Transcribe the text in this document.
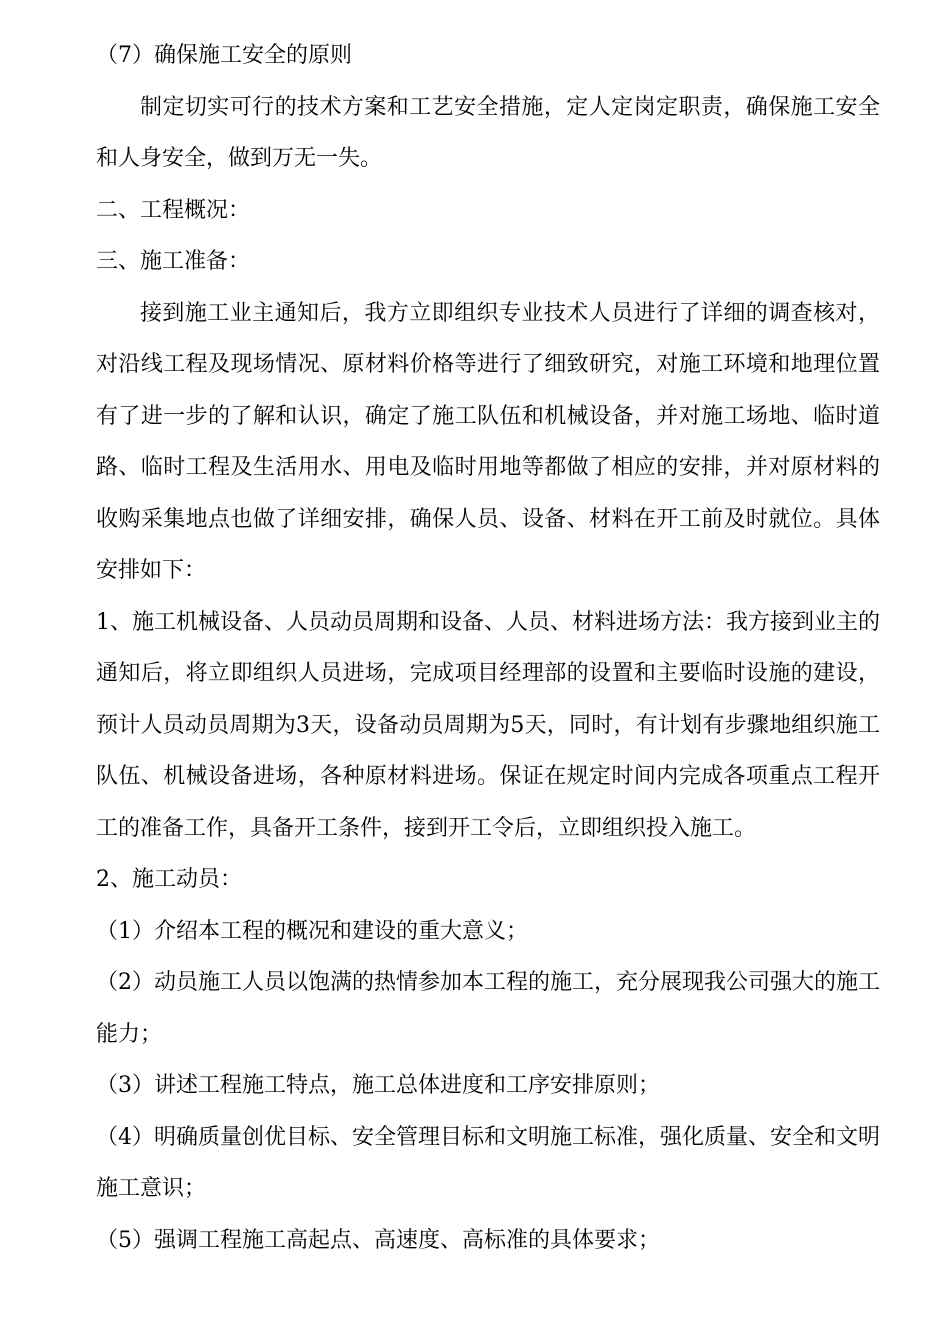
（7）确保施工安全的原则

制定切实可行的技术方案和工艺安全措施，定人定岗定职责，确保施工安全和人身安全，做到万无一失。

二、工程概况：

三、施工准备：

接到施工业主通知后，我方立即组织专业技术人员进行了详细的调查核对，对沿线工程及现场情况、原材料价格等进行了细致研究，对施工环境和地理位置有了进一步的了解和认识，确定了施工队伍和机械设备，并对施工场地、临时道路、临时工程及生活用水、用电及临时用地等都做了相应的安排，并对原材料的收购采集地点也做了详细安排，确保人员、设备、材料在开工前及时就位。具体安排如下：

1、施工机械设备、人员动员周期和设备、人员、材料进场方法：我方接到业主的通知后，将立即组织人员进场，完成项目经理部的设置和主要临时设施的建设，预计人员动员周期为3天，设备动员周期为5天，同时，有计划有步骤地组织施工队伍、机械设备进场，各种原材料进场。保证在规定时间内完成各项重点工程开工的准备工作，具备开工条件，接到开工令后，立即组织投入施工。

2、施工动员：

（1）介绍本工程的概况和建设的重大意义；

（2）动员施工人员以饱满的热情参加本工程的施工，充分展现我公司强大的施工能力；

（3）讲述工程施工特点，施工总体进度和工序安排原则；

（4）明确质量创优目标、安全管理目标和文明施工标准，强化质量、安全和文明施工意识；

（5）强调工程施工高起点、高速度、高标准的具体要求；
